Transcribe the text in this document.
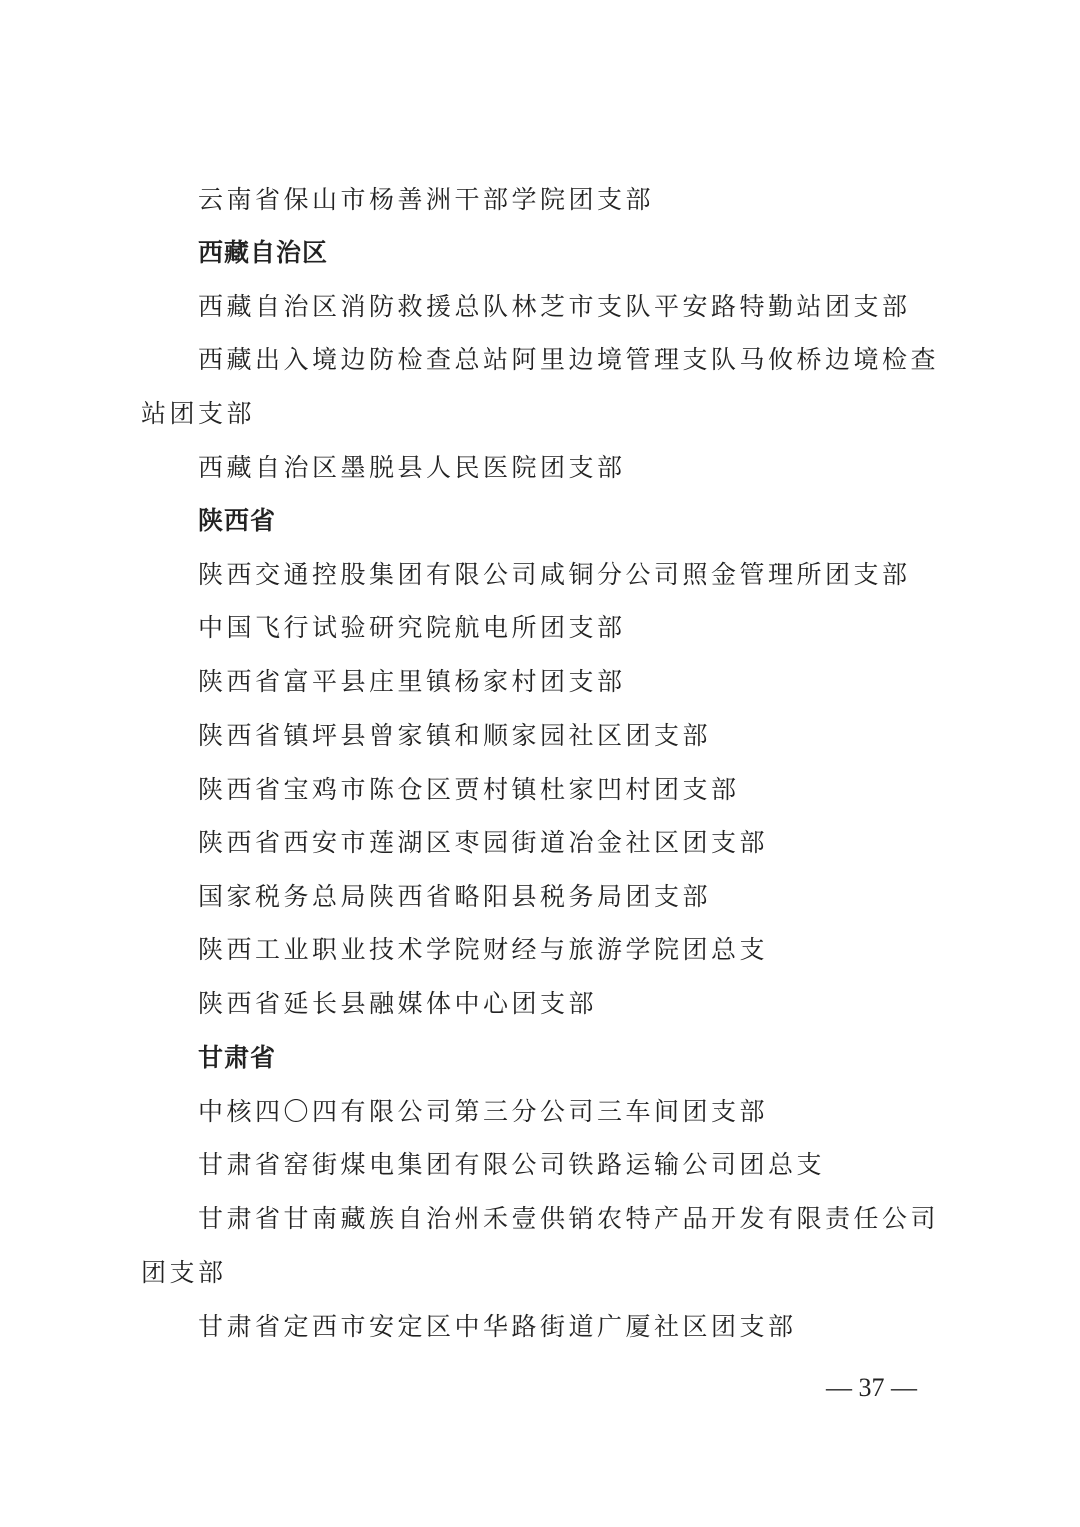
云南省保山市杨善洲干部学院团支部
西藏自治区
西藏自治区消防救援总队林芝市支队平安路特勤站团支部
西藏出入境边防检查总站阿里边境管理支队马攸桥边境检查
站团支部
西藏自治区墨脱县人民医院团支部
陕西省
陕西交通控股集团有限公司咸铜分公司照金管理所团支部
中国飞行试验研究院航电所团支部
陕西省富平县庄里镇杨家村团支部
陕西省镇坪县曾家镇和顺家园社区团支部
陕西省宝鸡市陈仓区贾村镇杜家凹村团支部
陕西省西安市莲湖区枣园街道冶金社区团支部
国家税务总局陕西省略阳县税务局团支部
陕西工业职业技术学院财经与旅游学院团总支
陕西省延长县融媒体中心团支部
甘肃省
中核四〇四有限公司第三分公司三车间团支部
甘肃省窑街煤电集团有限公司铁路运输公司团总支
甘肃省甘南藏族自治州禾壹供销农特产品开发有限责任公司
团支部
甘肃省定西市安定区中华路街道广厦社区团支部
— 37 —
